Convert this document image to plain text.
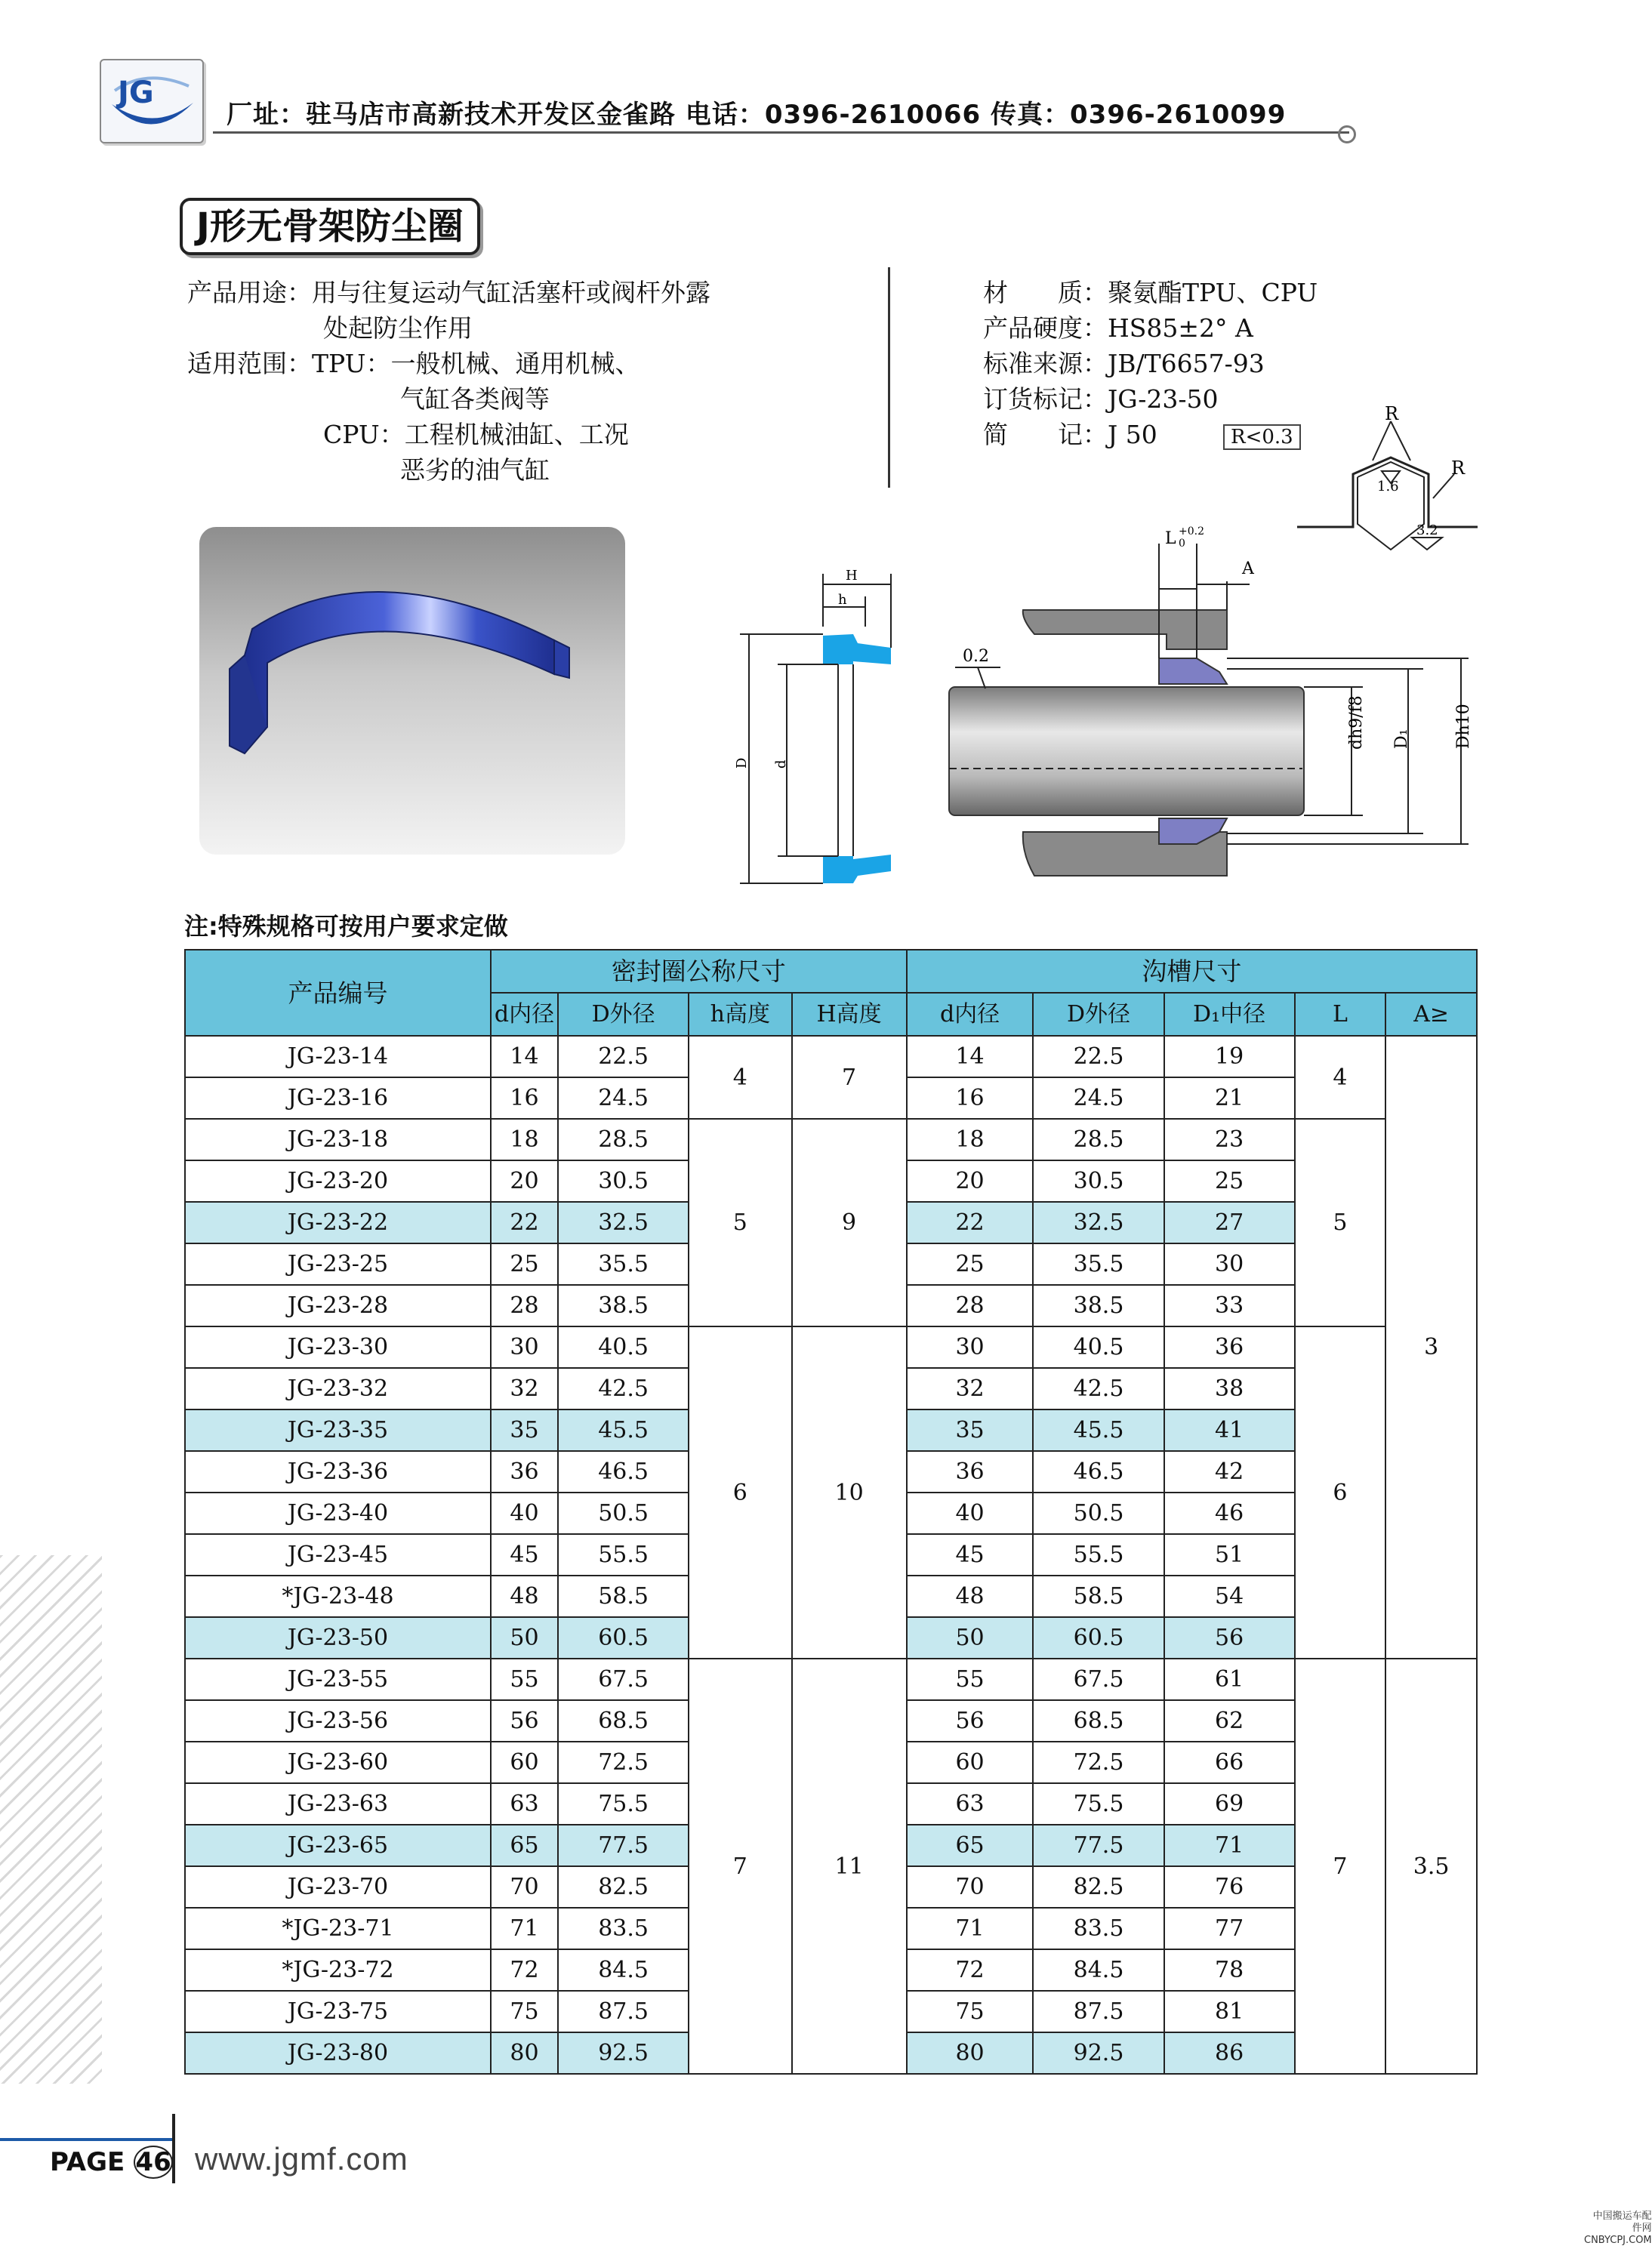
JG
厂址：驻马店市高新技术开发区金雀路 电话：0396-2610066 传真：0396-2610099
J形无骨架防尘圈
产品用途：用与往复运动气缸活塞杆或阀杆外露
处起防尘作用
适用范围：TPU：一般机械、通用机械、
气缸各类阀等
CPU：工程机械油缸、工况
恶劣的油气缸
材　　质：聚氨酯TPU、CPU
产品硬度：HS85±2° A
标准来源：JB/T6657-93
订货标记：JG-23-50
简　　记：J 50	R<0.3
R
R
1.6
3.2
H
h
D d
L +0.2
0
A
0.2
dh9/f8 D₁	Dh10
注:特殊规格可按用户要求定做
产品编号	密封圈公称尺寸				沟槽尺寸				
	d内径	D外径	h高度	H高度	d内径	D外径	D₁中径	L	A≥
JG-23-14	14	22.5	4	7	14	22.5	19	4	3
JG-23-16	16	24.5			16	24.5	21		
JG-23-18	18	28.5	5	9	18	28.5	23	5	
JG-23-20	20	30.5			20	30.5	25		
JG-23-22	22	32.5			22	32.5	27		
JG-23-25	25	35.5			25	35.5	30		
JG-23-28	28	38.5			28	38.5	33		
JG-23-30	30	40.5	6	10	30	40.5	36	6	
JG-23-32	32	42.5			32	42.5	38		
JG-23-35	35	45.5			35	45.5	41		
JG-23-36	36	46.5			36	46.5	42		
JG-23-40	40	50.5			40	50.5	46		
JG-23-45	45	55.5			45	55.5	51		
*JG-23-48	48	58.5			48	58.5	54		
JG-23-50	50	60.5			50	60.5	56		
JG-23-55	55	67.5	7	11	55	67.5	61	7	3.5
JG-23-56	56	68.5			56	68.5	62		
JG-23-60	60	72.5			60	72.5	66		
JG-23-63	63	75.5			63	75.5	69		
JG-23-65	65	77.5			65	77.5	71		
JG-23-70	70	82.5			70	82.5	76		
*JG-23-71	71	83.5			71	83.5	77		
*JG-23-72	72	84.5			72	84.5	78		
JG-23-75	75	87.5			75	87.5	81		
JG-23-80	80	92.5			80	92.5	86		
PAGE 46 www.jgmf.com
中国搬运车配件网
CNBYCPJ.COM
